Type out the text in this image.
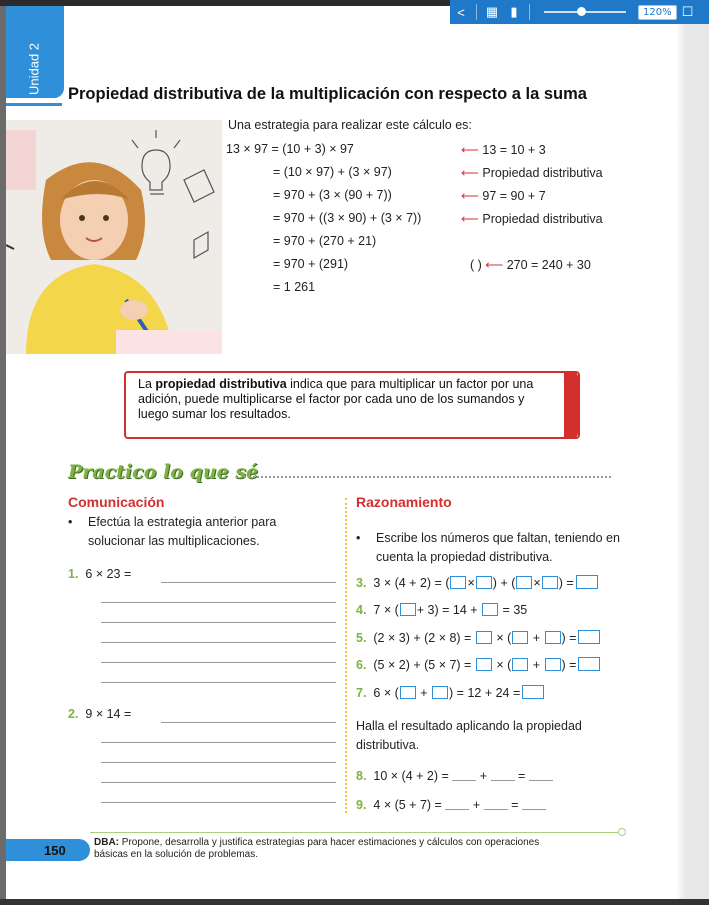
Unidad 2 Propiedad distributiva de la multiplicación con respecto a la suma
Una estrategia para realizar este cálculo es:
13 × 97 = (10 + 3) × 97	⟵ 13 = 10 + 3
= (10 × 97) + (3 × 97)	⟵ Propiedad distributiva
= 970 + (3 × (90 + 7))	⟵ 97 = 90 + 7
= 970 + ((3 × 90) + (3 × 7))	⟵ Propiedad distributiva
= 970 + (270 + 21)
= 970 + (291)	( ) ⟵ 270 = 240 + 30
= 1 261
La propiedad distributiva indica que para multiplicar un factor por una adición, puede multiplicarse el factor por cada uno de los sumandos y luego sumar los resultados.
Practico lo que sé
Comunicación	Razonamiento
• Efectúa la estrategia anterior para solucionar las multiplicaciones.
1. 6 × 23 =
2. 9 × 14 =
• Escribe los números que faltan, teniendo en cuenta la propiedad distributiva.
3. 3 × (4 + 2) = ( × ) + ( × ) =
4. 7 × ( + 3) = 14 + = 35
5. (2 × 3) + (2 × 8) = × ( + ) =
6. (5 × 2) + (5 × 7) = × ( + ) =
7. 6 × ( + ) = 12 + 24 =
Halla el resultado aplicando la propiedad distributiva.
8. 10 × (4 + 2) = + =
9. 4 × (5 + 7) = + =
150
DBA: Propone, desarrolla y justifica estrategias para hacer estimaciones y cálculos con operaciones básicas en la solución de problemas.
<	▦ ▮	120% ☐
